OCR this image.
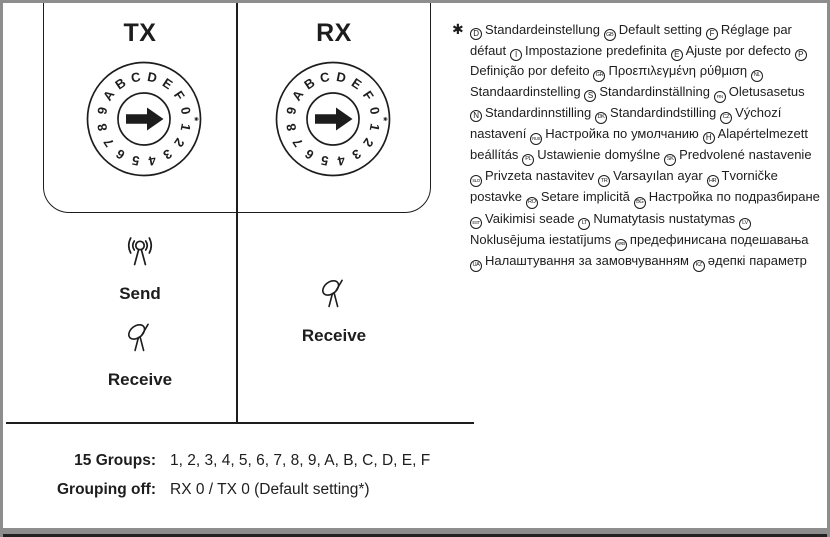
TX	RX
0
1
2
3
4
5
6
7
8
9
A
B C D E
F
*
0
1
2
3
4
5
6
7
8
9
A
B C D E
F
*
Send
Receive
Receive
✱	D Standardeinstellung GB Default setting F Réglage par défaut I Impostazione predefinita E Ajuste por defecto PDefinição por defeito GR Προεπιλεγμένη ρύθμιση NLStandaardinstelling S Standardinställning FIN Oletusasetus N Standardinnstilling DK Standardindstilling CZ Výchozí nastavení RUS Настройка по умолчанию H Alapértelmezett beállítás PL Ustawienie domyślne SK Predvolené nastavenie SLO Privzeta nastavitev TR Varsayılan ayar HR Tvorničke postavke RO Setare implicită BG Настройка по подразбиране EST Vaikimisi seade LT Numatytasis nustatymas LVNoklusējuma iestatījums SRB предефинисана подешавања UA Налаштування за замовчуванням KZ әдепкі параметр

15 Groups: 1, 2, 3, 4, 5, 6, 7, 8, 9, A, B, C, D, E, F
Grouping off: RX 0 / TX 0 (Default setting*)
